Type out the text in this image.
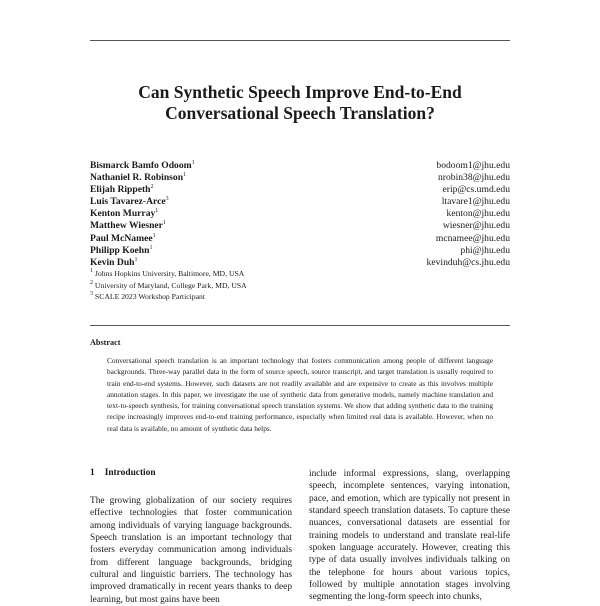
Can Synthetic Speech Improve End-to-End
Conversational Speech Translation?
Bismarck Bamfo Odoom$^1$
Nathaniel R. Robinson$^1$
Elijah Rippeth$^2$
Luis Tavarez-Arce$^3$
Kenton Murray$^1$
Matthew Wiesner$^1$
Paul McNamee$^1$
Philipp Koehn$^1$
Kevin Duh$^1$
bodoom1@jhu.edu
nrobin38@jhu.edu
erip@cs.umd.edu
ltavare1@jhu.edu
kenton@jhu.edu
wiesner@jhu.edu
mcnamee@jhu.edu
phi@jhu.edu
kevinduh@cs.jhu.edu
$^1$ Johns Hopkins University, Baltimore, MD, USA
$^2$ University of Maryland, College Park, MD, USA
$^3$ SCALE 2023 Workshop Participant
Abstract
Conversational speech translation is an important technology that fosters communication among people of different language backgrounds. Three-way parallel data in the form of source speech, source transcript, and target translation is usually required to train end-to-end systems. However, such datasets are not readily available and are expensive to create as this involves multiple annotation stages. In this paper, we investigate the use of synthetic data from generative models, namely machine translation and text-to-speech synthesis, for training conversational speech translation systems. We show that adding synthetic data to the training recipe increasingly improves end-to-end training performance, especially when limited real data is available. However, when no real data is available, no amount of synthetic data helps.
1 Introduction
The growing globalization of our society requires effective technologies that foster communication among individuals of varying language backgrounds. Speech translation is an important technology that fosters everyday communication among individuals from different language backgrounds, bridging cultural and linguistic barriers. The technology has improved dramatically in recent years thanks to deep learning, but most gains have been
include informal expressions, slang, overlapping speech, incomplete sentences, varying intonation, pace, and emotion, which are typically not present in standard speech translation datasets. To capture these nuances, conversational datasets are essential for training models to understand and translate real-life spoken language accurately. However, creating this type of data usually involves individuals talking on the telephone for hours about various topics, followed by multiple annotation stages involving segmenting the long-form speech into chunks,
